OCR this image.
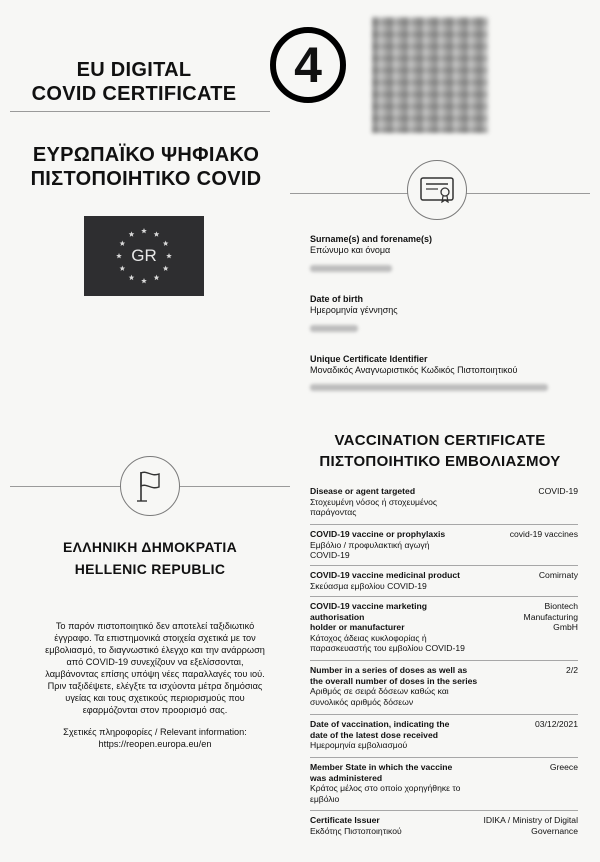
EU DIGITAL
COVID CERTIFICATE
4
ΕΥΡΩΠΑΪΚΟ ΨΗΦΙΑΚΟ
ΠΙΣΤΟΠΟΙΗΤΙΚΟ COVID
GR
Surname(s) and forename(s)
Επώνυμο και όνομα
Date of birth
Ημερομηνία γέννησης
Unique Certificate Identifier
Μοναδικός Αναγνωριστικός Κωδικός Πιστοποιητικού
ΕΛΛΗΝΙΚΗ ΔΗΜΟΚΡΑΤΙΑ
HELLENIC REPUBLIC
Το παρόν πιστοποιητικό δεν αποτελεί ταξιδιωτικό
έγγραφο. Τα επιστημονικά στοιχεία σχετικά με τον
εμβολιασμό, το διαγνωστικό έλεγχο και την ανάρρωση
από COVID-19 συνεχίζουν να εξελίσσονται,
λαμβάνοντας επίσης υπόψη νέες παραλλαγές του ιού.
Πριν ταξιδέψετε, ελέγξτε τα ισχύοντα μέτρα δημόσιας
υγείας και τους σχετικούς περιορισμούς που
εφαρμόζονται στον προορισμό σας.
Σχετικές πληροφορίες / Relevant information:
https://reopen.europa.eu/en
VACCINATION CERTIFICATE
ΠΙΣΤΟΠΟΙΗΤΙΚΟ ΕΜΒΟΛΙΑΣΜΟΥ
Disease or agent targeted
Στοχευμένη νόσος ή στοχευμένος
παράγοντας
COVID-19
COVID-19 vaccine or prophylaxis
Εμβόλιο / προφυλακτική αγωγή
COVID-19
covid-19 vaccines
COVID-19 vaccine medicinal product
Σκεύασμα εμβολίου COVID-19
Comirnaty
COVID-19 vaccine marketing
authorisation
holder or manufacturer
Κάτοχος άδειας κυκλοφορίας ή
παρασκευαστής του εμβολίου COVID-19
Biontech
Manufacturing
GmbH
Number in a series of doses as well as
the overall number of doses in the series
Αριθμός σε σειρά δόσεων καθώς και
συνολικός αριθμός δόσεων
2/2
Date of vaccination, indicating the
date of the latest dose received
Ημερομηνία εμβολιασμού
03/12/2021
Member State in which the vaccine
was administered
Κράτος μέλος στο οποίο χορηγήθηκε το
εμβόλιο
Greece
Certificate Issuer
Εκδότης Πιστοποιητικού
IDIKA / Ministry of Digital
Governance
